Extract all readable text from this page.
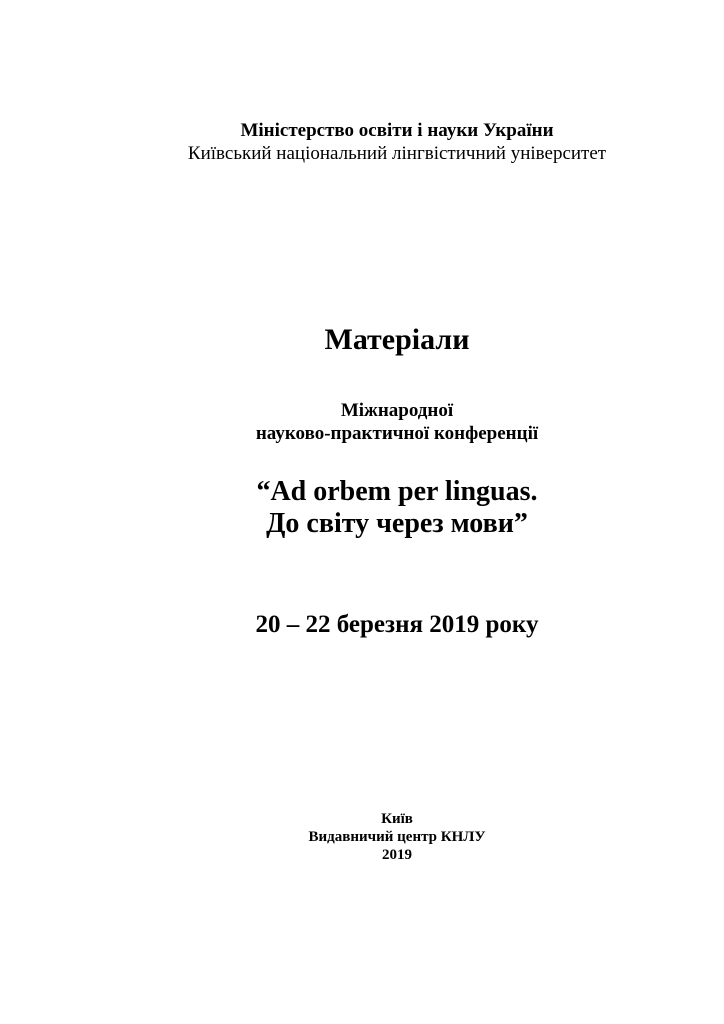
Міністерство освіти і науки України
Київський національний лінгвістичний університет
Матеріали
Міжнародної
науково-практичної конференції
“Ad orbem per linguas.
До світу через мови”
20 – 22 березня 2019 року
Київ
Видавничий центр КНЛУ
2019
